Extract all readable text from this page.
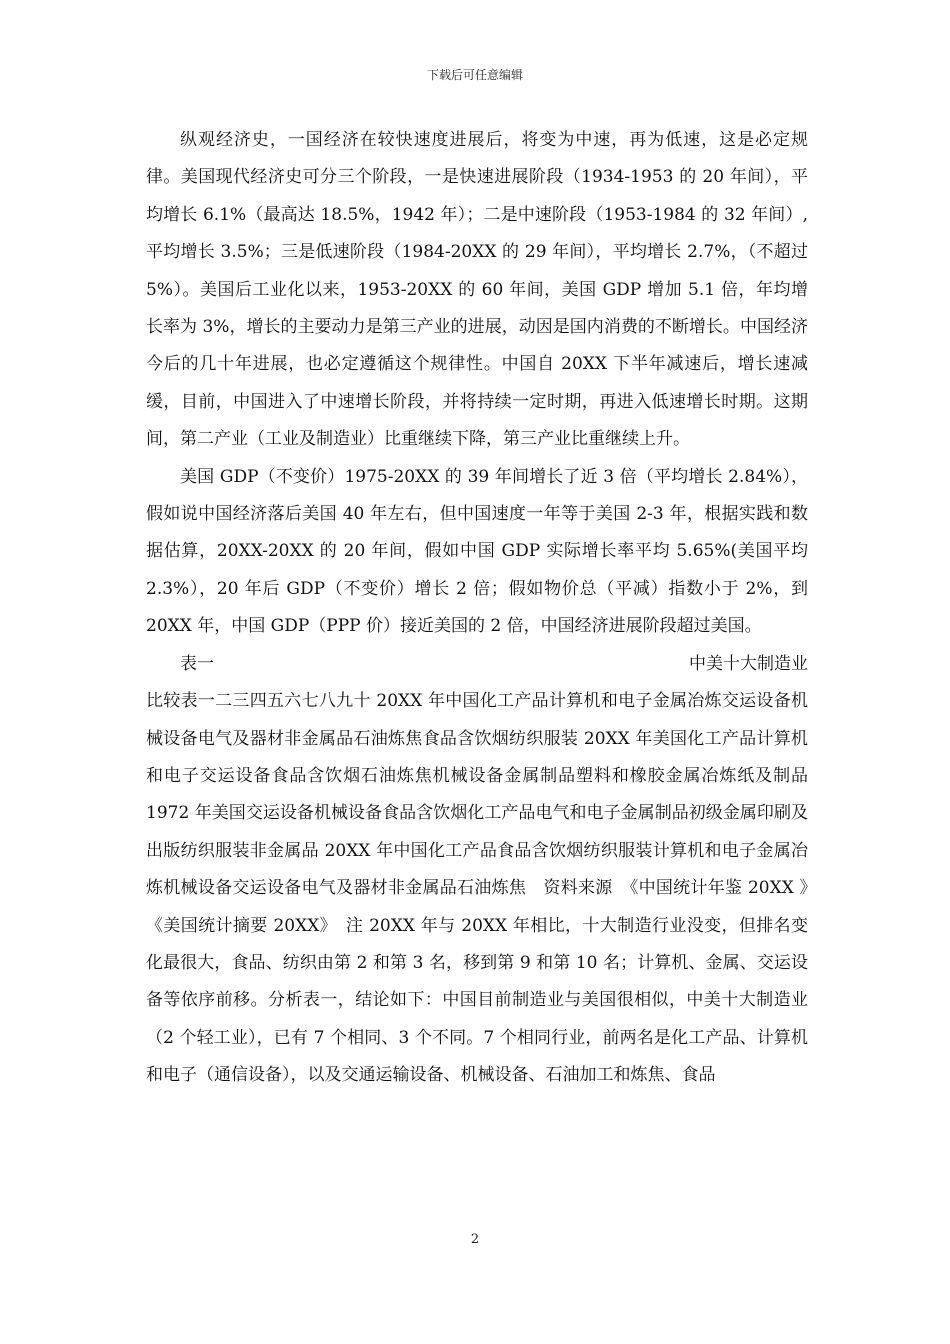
下载后可任意编辑

纵观经济史，一国经济在较快速度进展后，将变为中速，再为低速，这是必定规律。美国现代经济史可分三个阶段，一是快速进展阶段（1934-1953 的 20 年间），平均增长 6.1%（最高达 18.5%，1942 年）；二是中速阶段（1953-1984 的 32 年间）,平均增长 3.5%；三是低速阶段（1984-20XX 的 29 年间），平均增长 2.7%，（不超过 5%）。美国后工业化以来，1953-20XX 的 60 年间，美国 GDP 增加 5.1 倍，年均增长率为 3%，增长的主要动力是第三产业的进展，动因是国内消费的不断增长。中国经济今后的几十年进展，也必定遵循这个规律性。中国自 20XX 下半年减速后，增长速减缓，目前，中国进入了中速增长阶段，并将持续一定时期，再进入低速增长时期。这期间，第二产业（工业及制造业）比重继续下降，第三产业比重继续上升。

美国 GDP（不变价）1975-20XX 的 39 年间增长了近 3 倍（平均增长 2.84%），假如说中国经济落后美国 40 年左右，但中国速度一年等于美国 2-3 年，根据实践和数据估算，20XX-20XX 的 20 年间，假如中国 GDP 实际增长率平均 5.65%(美国平均 2.3%），20 年后 GDP（不变价）增长 2 倍；假如物价总（平减）指数小于 2%，到 20XX 年，中国 GDP（PPP 价）接近美国的 2 倍，中国经济进展阶段超过美国。

表一	中美十大制造业

比较表一二三四五六七八九十 20XX 年中国化工产品计算机和电子金属冶炼交运设备机械设备电气及器材非金属品石油炼焦食品含饮烟纺织服装 20XX 年美国化工产品计算机和电子交运设备食品含饮烟石油炼焦机械设备金属制品塑料和橡胶金属冶炼纸及制品 1972 年美国交运设备机械设备食品含饮烟化工产品电气和电子金属制品初级金属印刷及出版纺织服装非金属品 20XX 年中国化工产品食品含饮烟纺织服装计算机和电子金属冶炼机械设备交运设备电气及器材非金属品石油炼焦　资料来源　《中国统计年鉴 20XX 》　《美国统计摘要 20XX》　注 20XX 年与 20XX 年相比，十大制造行业没变，但排名变化最很大，食品、纺织由第 2 和第 3 名，移到第 9 和第 10 名；计算机、金属、交运设备等依序前移。分析表一，结论如下：中国目前制造业与美国很相似，中美十大制造业（2 个轻工业），已有 7 个相同、3 个不同。7 个相同行业，前两名是化工产品、计算机和电子（通信设备），以及交通运输设备、机械设备、石油加工和炼焦、食品

2
